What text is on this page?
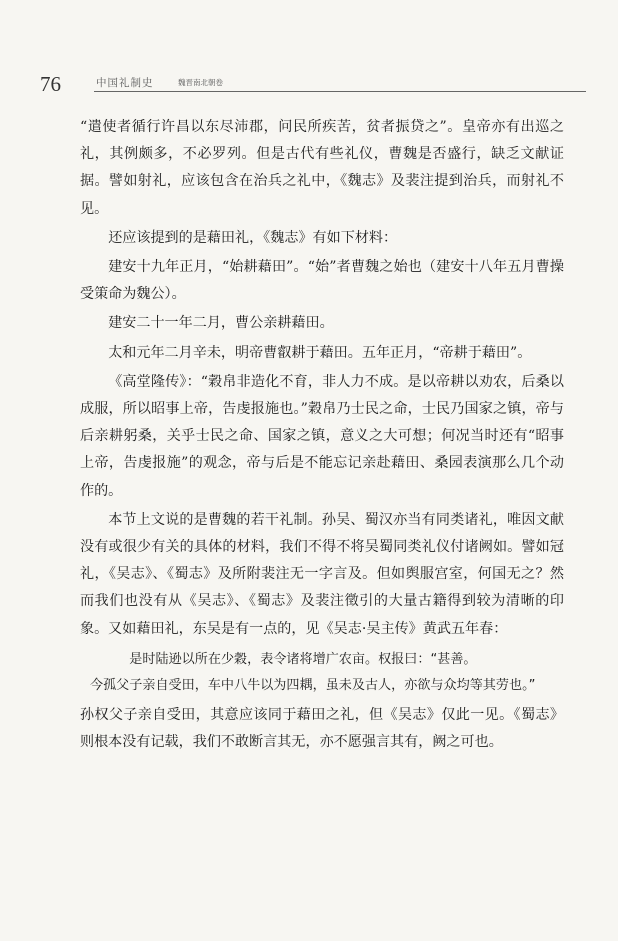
76	中国礼制史	魏晋南北朝卷

“遣使者循行许昌以东尽沛郡，问民所疾苦，贫者振贷之”。皇帝亦有出巡之礼，其例颇多，不必罗列。但是古代有些礼仪，曹魏是否盛行，缺乏文献证据。譬如射礼，应该包含在治兵之礼中，《魏志》及裴注提到治兵，而射礼不见。

还应该提到的是藉田礼，《魏志》有如下材料：

建安十九年正月，“始耕藉田”。“始”者曹魏之始也（建安十八年五月曹操受策命为魏公）。

建安二十一年二月，曹公亲耕藉田。

太和元年二月辛未，明帝曹叡耕于藉田。五年正月，“帝耕于藉田”。

《高堂隆传》：“穀帛非造化不育，非人力不成。是以帝耕以劝农，后桑以成服，所以昭事上帝，告虔报施也。”穀帛乃士民之命，士民乃国家之镇，帝与后亲耕躬桑，关乎士民之命、国家之镇，意义之大可想；何况当时还有“昭事上帝，告虔报施”的观念，帝与后是不能忘记亲赴藉田、桑园表演那么几个动作的。

本节上文说的是曹魏的若干礼制。孙吴、蜀汉亦当有同类诸礼，唯因文献没有或很少有关的具体的材料，我们不得不将吴蜀同类礼仪付诸阙如。譬如冠礼，《吴志》、《蜀志》及所附裴注无一字言及。但如舆服宫室，何国无之？然而我们也没有从《吴志》、《蜀志》及裴注徵引的大量古籍得到较为清晰的印象。又如藉田礼，东吴是有一点的，见《吴志·吴主传》黄武五年春：

是时陆逊以所在少穀，表令诸将增广农亩。权报曰：“甚善。
今孤父子亲自受田，车中八牛以为四耦，虽未及古人，亦欲与众均等其劳也。”

孙权父子亲自受田，其意应该同于藉田之礼，但《吴志》仅此一见。《蜀志》则根本没有记载，我们不敢断言其无，亦不愿强言其有，阙之可也。
